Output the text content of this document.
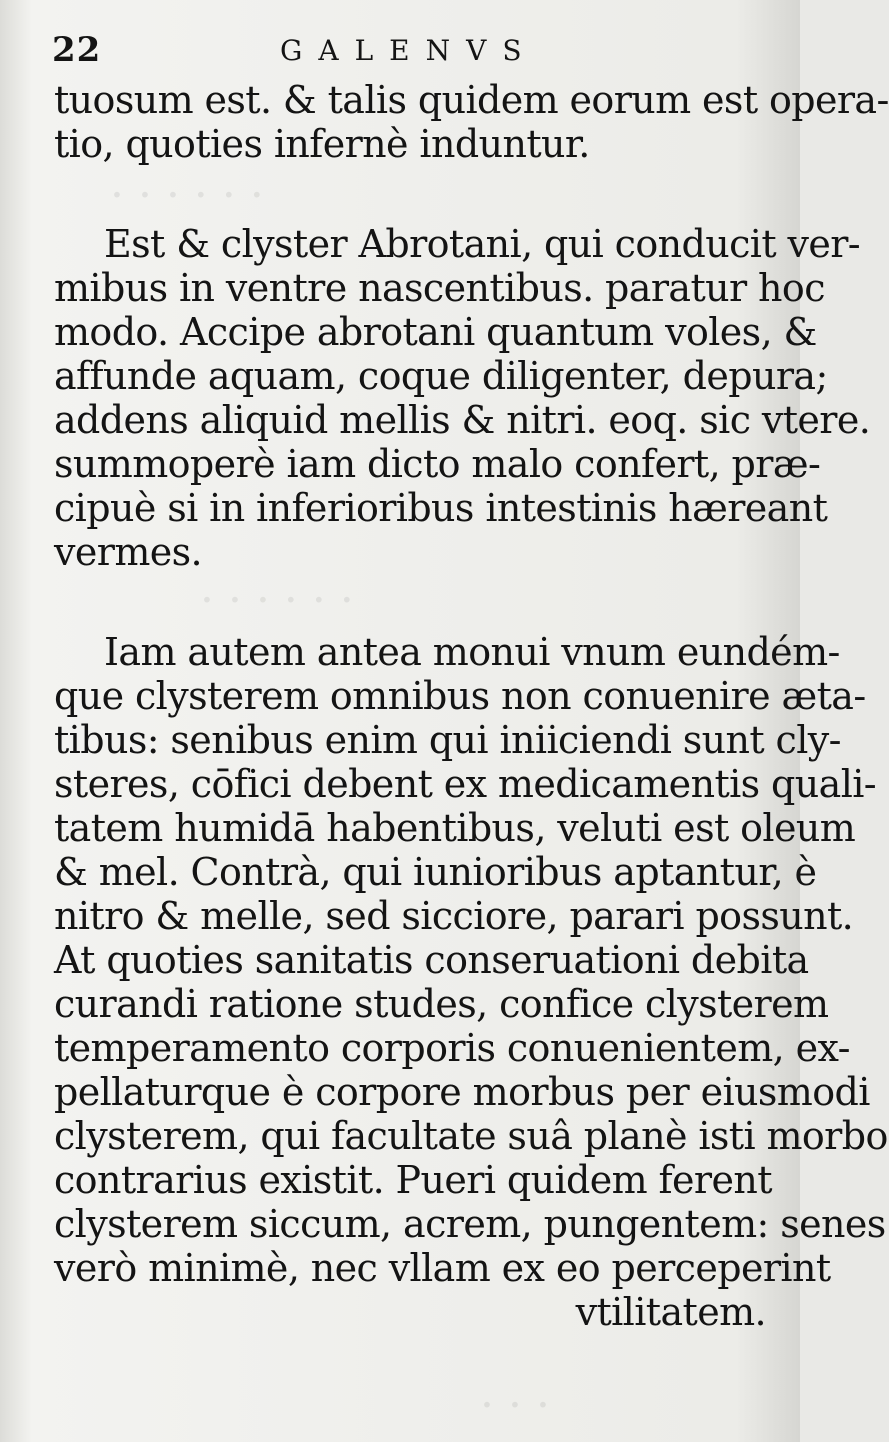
· · · · · ·
· · · · · ·
· · ·
22	GALENVS
tuosum est. & talis quidem eorum est opera-
tio, quoties infernè induntur.
Est & clyster Abrotani, qui conducit ver-
mibus in ventre nascentibus. paratur hoc
modo. Accipe abrotani quantum voles, &
affunde aquam, coque diligenter, depura;
addens aliquid mellis & nitri. eoq. sic vtere.
summoperè iam dicto malo confert, præ-
cipuè si in inferioribus intestinis hæreant
vermes.
Iam autem antea monui vnum eundém-
que clysterem omnibus non conuenire æta-
tibus: senibus enim qui iniiciendi sunt cly-
steres, cōfici debent ex medicamentis quali-
tatem humidā habentibus, veluti est oleum
& mel. Contrà, qui iunioribus aptantur, è
nitro & melle, sed sicciore, parari possunt.
At quoties sanitatis conseruationi debita
curandi ratione studes, confice clysterem
temperamento corporis conuenientem, ex-
pellaturque è corpore morbus per eiusmodi
clysterem, qui facultate suâ planè isti morbo
contrarius existit. Pueri quidem ferent
clysterem siccum, acrem, pungentem: senes
verò minimè, nec vllam ex eo perceperint
vtilitatem.
